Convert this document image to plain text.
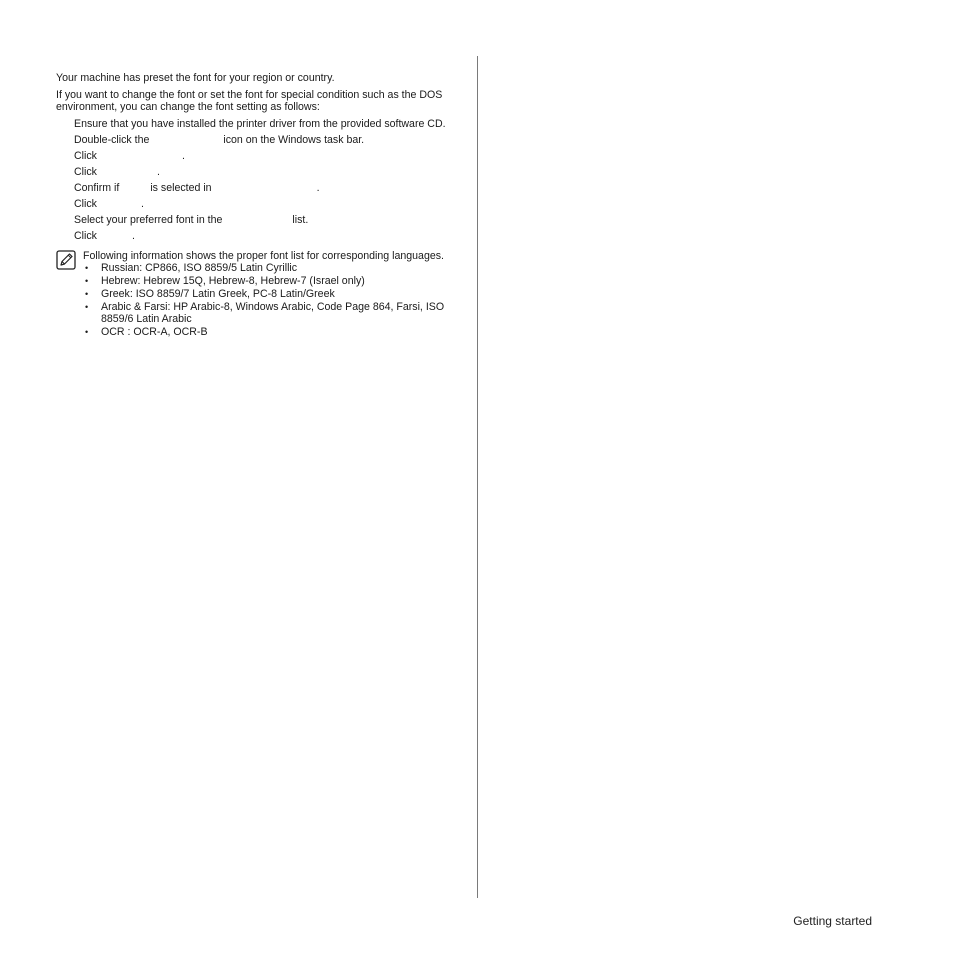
Your machine has preset the font for your region or country.

If you want to change the font or set the font for special condition such as the DOS environment, you can change the font setting as follows:

Ensure that you have installed the printer driver from the provided software CD.
Double-click the	icon on the Windows task bar.
Click	.
Click	.
Confirm if	is selected in	.
Click	.
Select your preferred font in the	list.
Click	.

Following information shows the proper font list for corresponding languages.

• Russian: CP866, ISO 8859/5 Latin Cyrillic
• Hebrew: Hebrew 15Q, Hebrew-8, Hebrew-7 (Israel only)
• Greek: ISO 8859/7 Latin Greek, PC-8 Latin/Greek
• Arabic & Farsi: HP Arabic-8, Windows Arabic, Code Page 864, Farsi, ISO 8859/6 Latin Arabic
• OCR : OCR-A, OCR-B
Getting started
